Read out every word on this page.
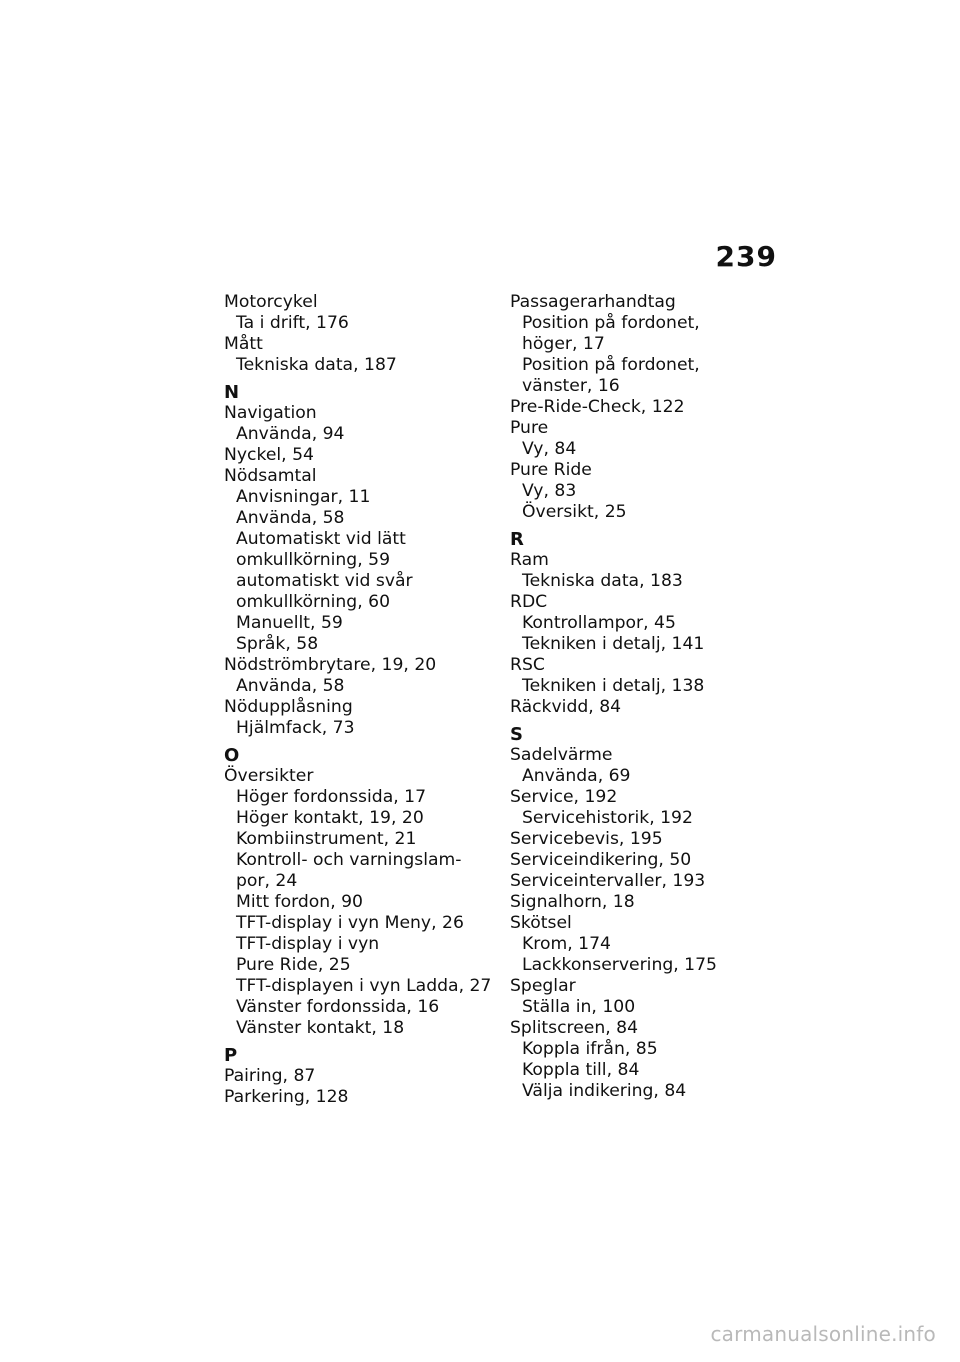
239
Motorcykel
Ta i drift, 176
Mått
Tekniska data, 187
N
Navigation
Använda, 94
Nyckel, 54
Nödsamtal
Anvisningar, 11
Använda, 58
Automatiskt vid lätt
omkullkörning, 59
automatiskt vid svår
omkullkörning, 60
Manuellt, 59
Språk, 58
Nödströmbrytare, 19, 20
Använda, 58
Nödupplåsning
Hjälmfack, 73
O
Översikter
Höger fordonssida, 17
Höger kontakt, 19, 20
Kombiinstrument, 21
Kontroll- och varningslam-
por, 24
Mitt fordon, 90
TFT-display i vyn Meny, 26
TFT-display i vyn
Pure Ride, 25
TFT-displayen i vyn Ladda, 27
Vänster fordonssida, 16
Vänster kontakt, 18
P
Pairing, 87
Parkering, 128
Passagerarhandtag
Position på fordonet,
höger, 17
Position på fordonet,
vänster, 16
Pre-Ride-Check, 122
Pure
Vy, 84
Pure Ride
Vy, 83
Översikt, 25
R
Ram
Tekniska data, 183
RDC
Kontrollampor, 45
Tekniken i detalj, 141
RSC
Tekniken i detalj, 138
Räckvidd, 84
S
Sadelvärme
Använda, 69
Service, 192
Servicehistorik, 192
Servicebevis, 195
Serviceindikering, 50
Serviceintervaller, 193
Signalhorn, 18
Skötsel
Krom, 174
Lackkonservering, 175
Speglar
Ställa in, 100
Splitscreen, 84
Koppla ifrån, 85
Koppla till, 84
Välja indikering, 84
carmanualsonline.info
